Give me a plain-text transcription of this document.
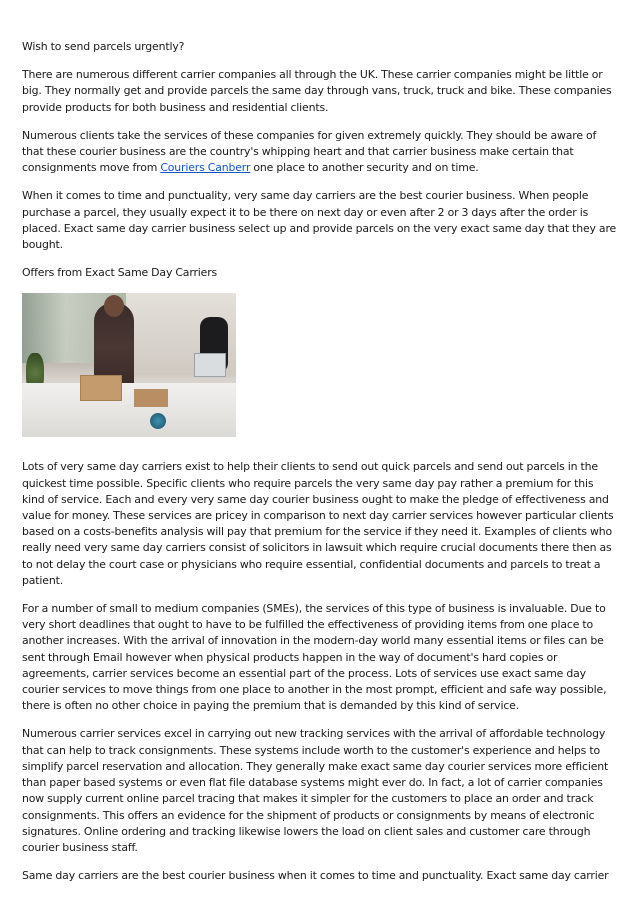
Wish to send parcels urgently?

There are numerous different carrier companies all through the UK. These carrier companies might be little or big. They normally get and provide parcels the same day through vans, truck, truck and bike. These companies provide products for both business and residential clients.

Numerous clients take the services of these companies for given extremely quickly. They should be aware of that these courier business are the country's whipping heart and that carrier business make certain that consignments move from Couriers Canberr one place to another security and on time.

When it comes to time and punctuality, very same day carriers are the best courier business. When people purchase a parcel, they usually expect it to be there on next day or even after 2 or 3 days after the order is placed. Exact same day carrier business select up and provide parcels on the very exact same day that they are bought.

Offers from Exact Same Day Carriers

Lots of very same day carriers exist to help their clients to send out quick parcels and send out parcels in the quickest time possible. Specific clients who require parcels the very same day pay rather a premium for this kind of service. Each and every very same day courier business ought to make the pledge of effectiveness and value for money. These services are pricey in comparison to next day carrier services however particular clients based on a costs-benefits analysis will pay that premium for the service if they need it. Examples of clients who really need very same day carriers consist of solicitors in lawsuit which require crucial documents there then as to not delay the court case or physicians who require essential, confidential documents and parcels to treat a patient.

For a number of small to medium companies (SMEs), the services of this type of business is invaluable. Due to very short deadlines that ought to have to be fulfilled the effectiveness of providing items from one place to another increases. With the arrival of innovation in the modern-day world many essential items or files can be sent through Email however when physical products happen in the way of document's hard copies or agreements, carrier services become an essential part of the process. Lots of services use exact same day courier services to move things from one place to another in the most prompt, efficient and safe way possible, there is often no other choice in paying the premium that is demanded by this kind of service.

Numerous carrier services excel in carrying out new tracking services with the arrival of affordable technology that can help to track consignments. These systems include worth to the customer's experience and helps to simplify parcel reservation and allocation. They generally make exact same day courier services more efficient than paper based systems or even flat file database systems might ever do. In fact, a lot of carrier companies now supply current online parcel tracing that makes it simpler for the customers to place an order and track consignments. This offers an evidence for the shipment of products or consignments by means of electronic signatures. Online ordering and tracking likewise lowers the load on client sales and customer care through courier business staff.

Same day carriers are the best courier business when it comes to time and punctuality. Exact same day carrier
